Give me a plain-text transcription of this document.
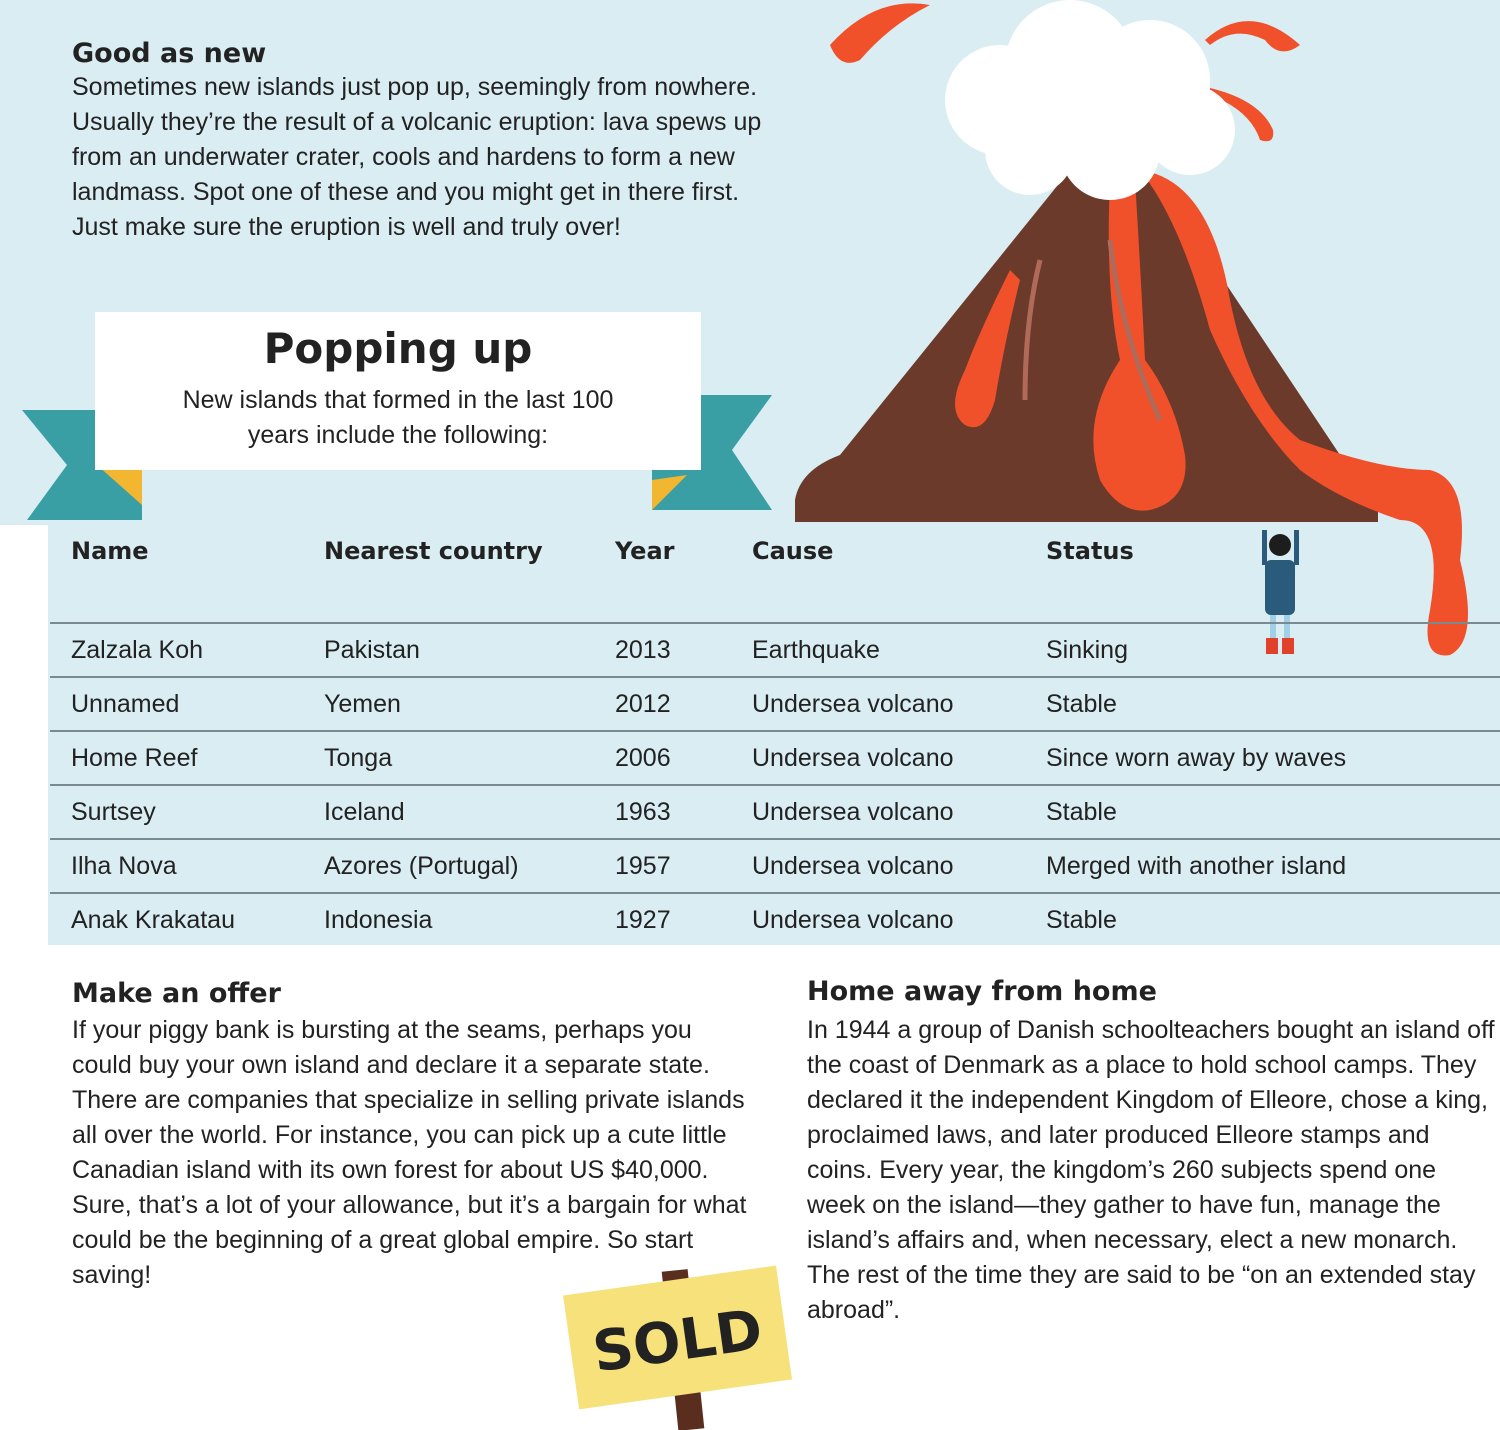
Good as new

Sometimes new islands just pop up, seemingly from nowhere. Usually they’re the result of a volcanic eruption: lava spews up from an underwater crater, cools and hardens to form a new landmass. Spot one of these and you might get in there first. Just make sure the eruption is well and truly over!

Popping up

New islands that formed in the last 100 years include the following:

Name	Nearest country	Year	Cause	Status
Zalzala Koh	Pakistan	2013	Earthquake	Sinking
Unnamed	Yemen	2012	Undersea volcano	Stable
Home Reef	Tonga	2006	Undersea volcano	Since worn away by waves
Surtsey	Iceland	1963	Undersea volcano	Stable
Ilha Nova	Azores (Portugal)	1957	Undersea volcano	Merged with another island
Anak Krakatau	Indonesia	1927	Undersea volcano	Stable
Make an offer

If your piggy bank is bursting at the seams, perhaps you could buy your own island and declare it a separate state. There are companies that specialize in selling private islands all over the world. For instance, you can pick up a cute little Canadian island with its own forest for about US $40,000. Sure, that’s a lot of your allowance, but it’s a bargain for what could be the beginning of a great global empire. So start saving!

Home away from home

In 1944 a group of Danish schoolteachers bought an island off the coast of Denmark as a place to hold school camps. They declared it the independent Kingdom of Elleore, chose a king, proclaimed laws, and later produced Elleore stamps and coins. Every year, the kingdom’s 260 subjects spend one week on the island—they gather to have fun, manage the island’s affairs and, when necessary, elect a new monarch. The rest of the time they are said to be “on an extended stay abroad”.

SOLD
